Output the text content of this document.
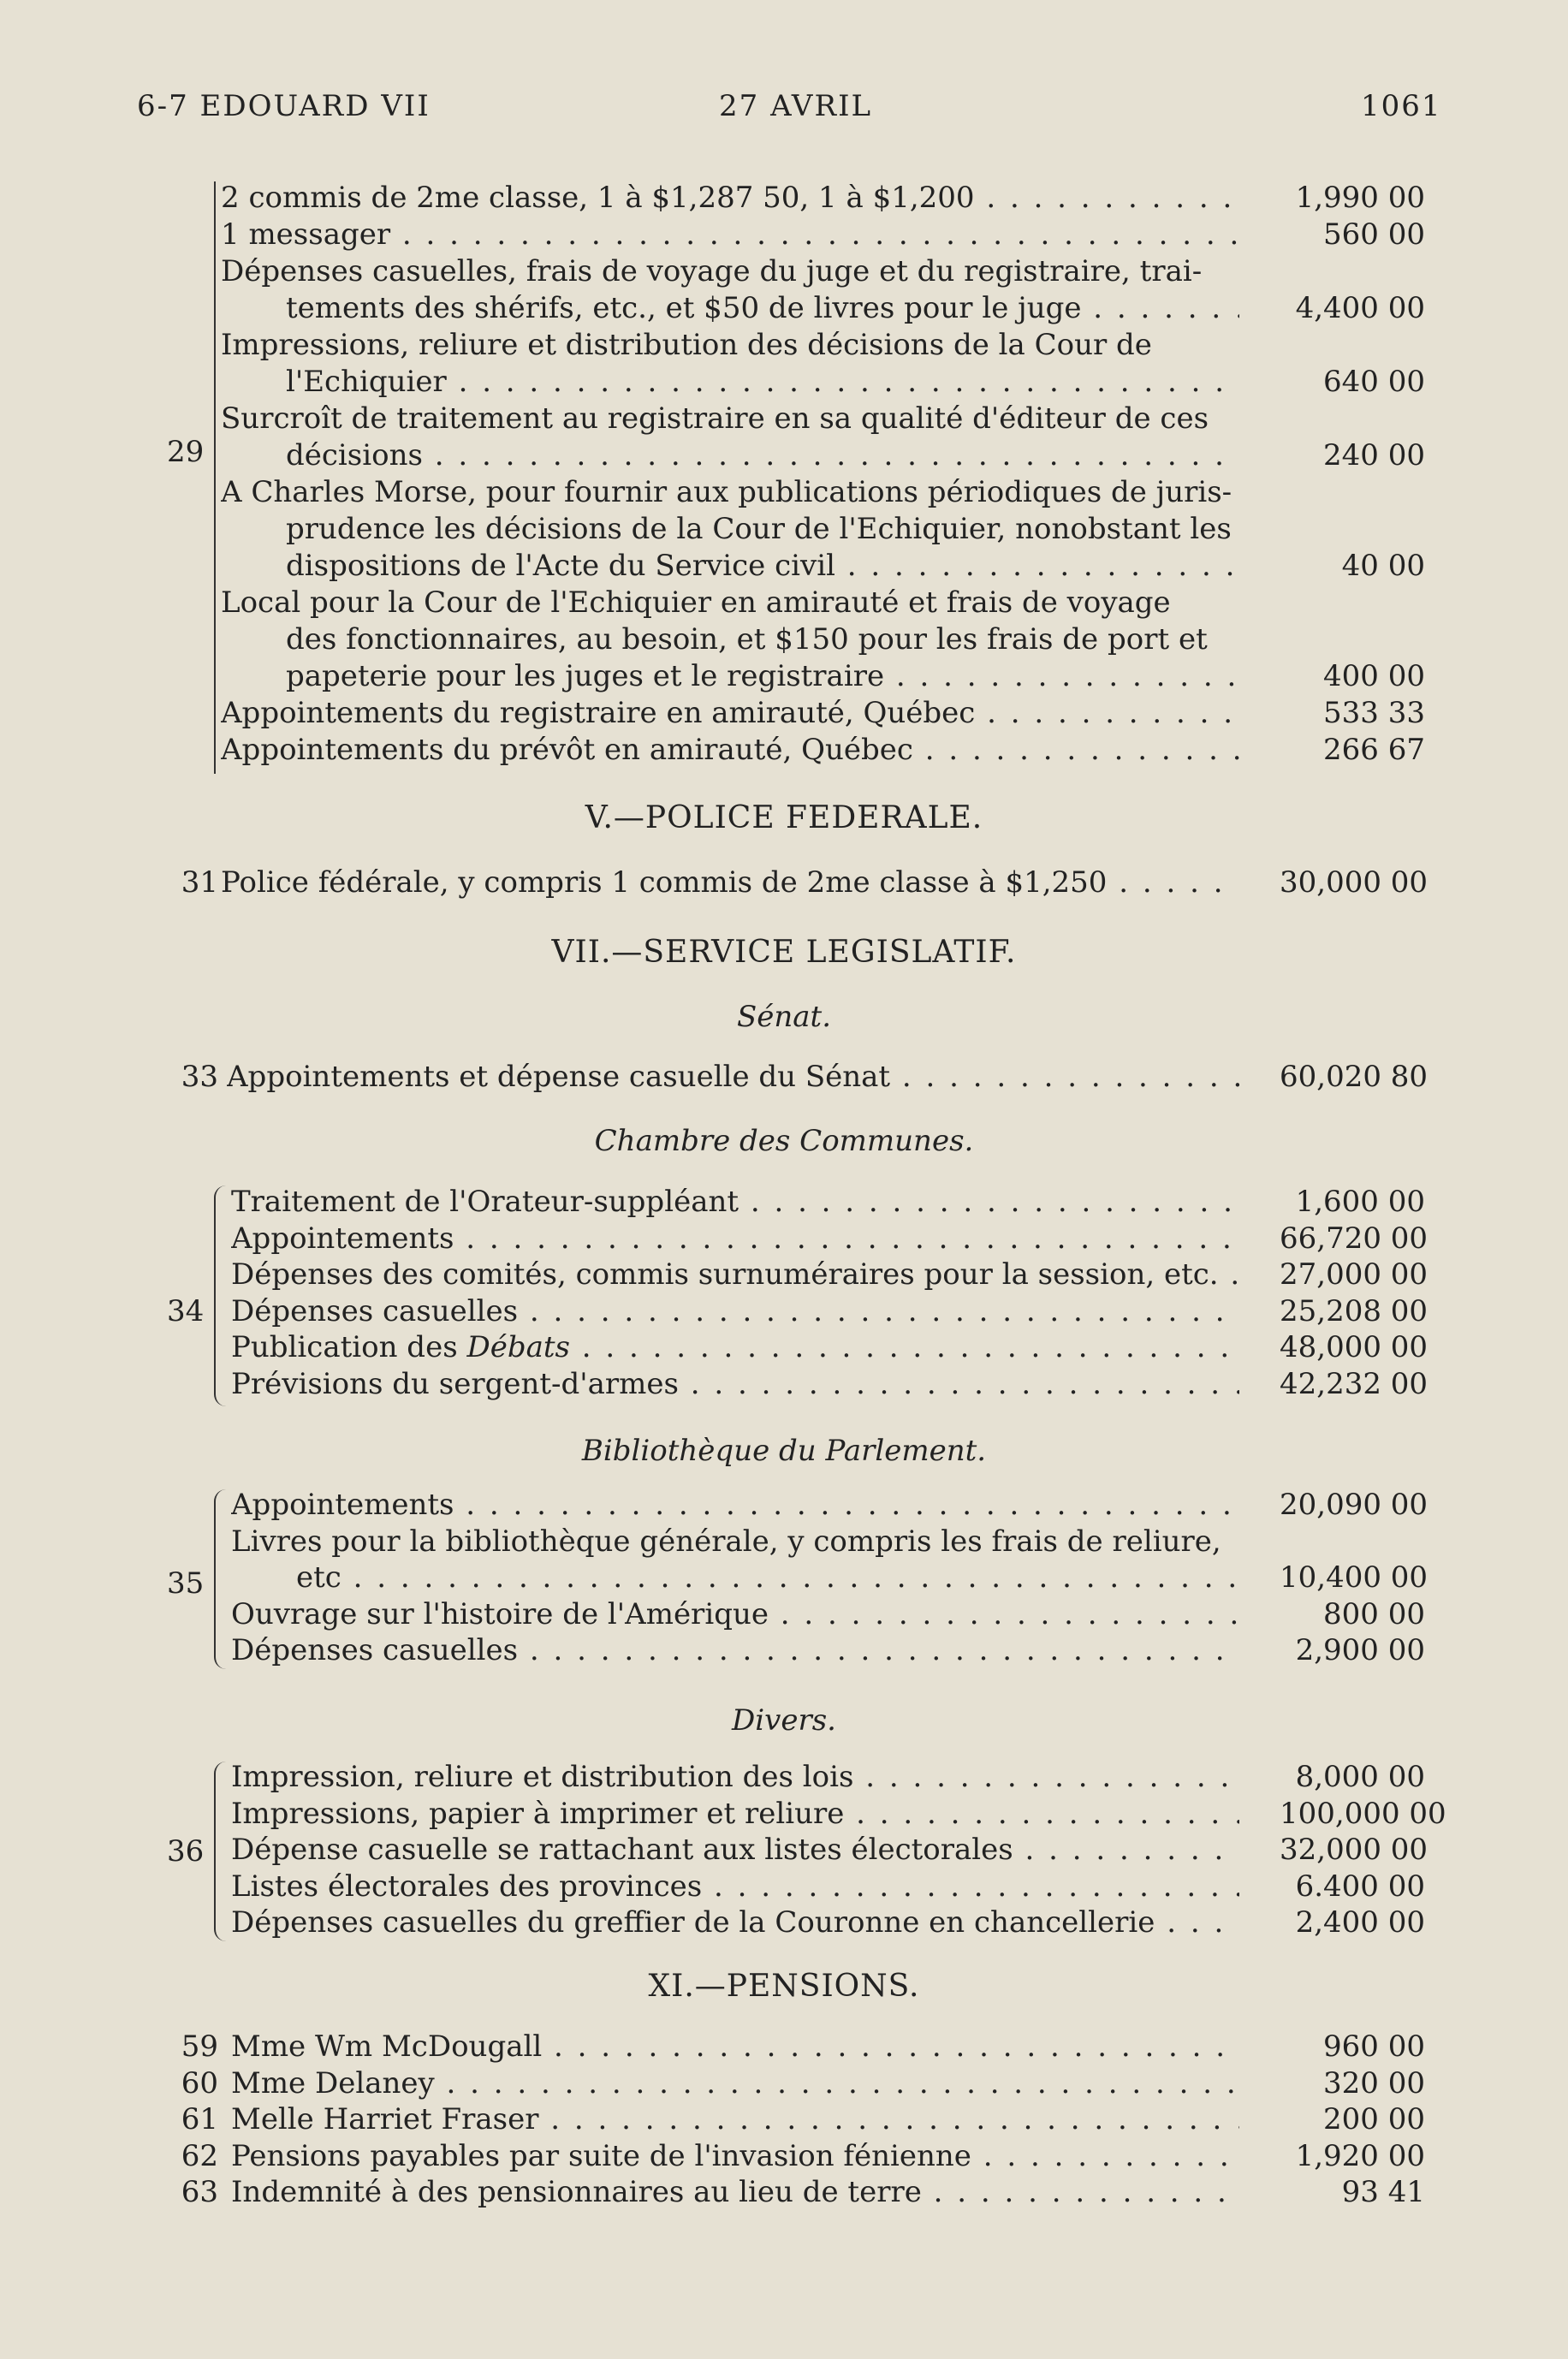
6-7 EDOUARD VII	27 AVRIL	1061
29
2 commis de 2me classe, 1 à $1,287 50, 1 à $1,200 . . .	1,990 00
1 messager . . .	560 00
Dépenses casuelles, frais de voyage du juge et du registraire, trai-
tements des shérifs, etc., et $50 de livres pour le juge . . .	4,400 00
Impressions, reliure et distribution des décisions de la Cour de
l'Echiquier . . .	640 00
Surcroît de traitement au registraire en sa qualité d'éditeur de ces
décisions . . .	240 00
A Charles Morse, pour fournir aux publications périodiques de juris-
prudence les décisions de la Cour de l'Echiquier, nonobstant les
dispositions de l'Acte du Service civil . . .	40 00
Local pour la Cour de l'Echiquier en amirauté et frais de voyage
des fonctionnaires, au besoin, et $150 pour les frais de port et
papeterie pour les juges et le registraire . . .	400 00
Appointements du registraire en amirauté, Québec . . .	533 33
Appointements du prévôt en amirauté, Québec . . .	266 67
V.—POLICE FEDERALE.
31 Police fédérale, y compris 1 commis de 2me classe à $1,250 . . .	30,000 00
VII.—SERVICE LEGISLATIF.
Sénat.
33 Appointements et dépense casuelle du Sénat . . .	60,020 80
Chambre des Communes.
34
Traitement de l'Orateur-suppléant . . .	1,600 00
Appointements . . .	66,720 00
Dépenses des comités, commis surnuméraires pour la session, etc. . . .	27,000 00
Dépenses casuelles . . .	25,208 00
Publication des Débats . . .	48,000 00
Prévisions du sergent-d'armes . . .	42,232 00
Bibliothèque du Parlement.
35
Appointements . . .	20,090 00
Livres pour la bibliothèque générale, y compris les frais de reliure,
etc . . .	10,400 00
Ouvrage sur l'histoire de l'Amérique . . .	800 00
Dépenses casuelles . . .	2,900 00
Divers.
36
Impression, reliure et distribution des lois . . .	8,000 00
Impressions, papier à imprimer et reliure . . .	100,000 00
Dépense casuelle se rattachant aux listes électorales . . .	32,000 00
Listes électorales des provinces . . .	6.400 00
Dépenses casuelles du greffier de la Couronne en chancellerie . . .	2,400 00
XI.—PENSIONS.
59 Mme Wm McDougall . . .	960 00
60 Mme Delaney . . .	320 00
61 Melle Harriet Fraser . . .	200 00
62 Pensions payables par suite de l'invasion fénienne . . .	1,920 00
63 Indemnité à des pensionnaires au lieu de terre . . .	93 41
